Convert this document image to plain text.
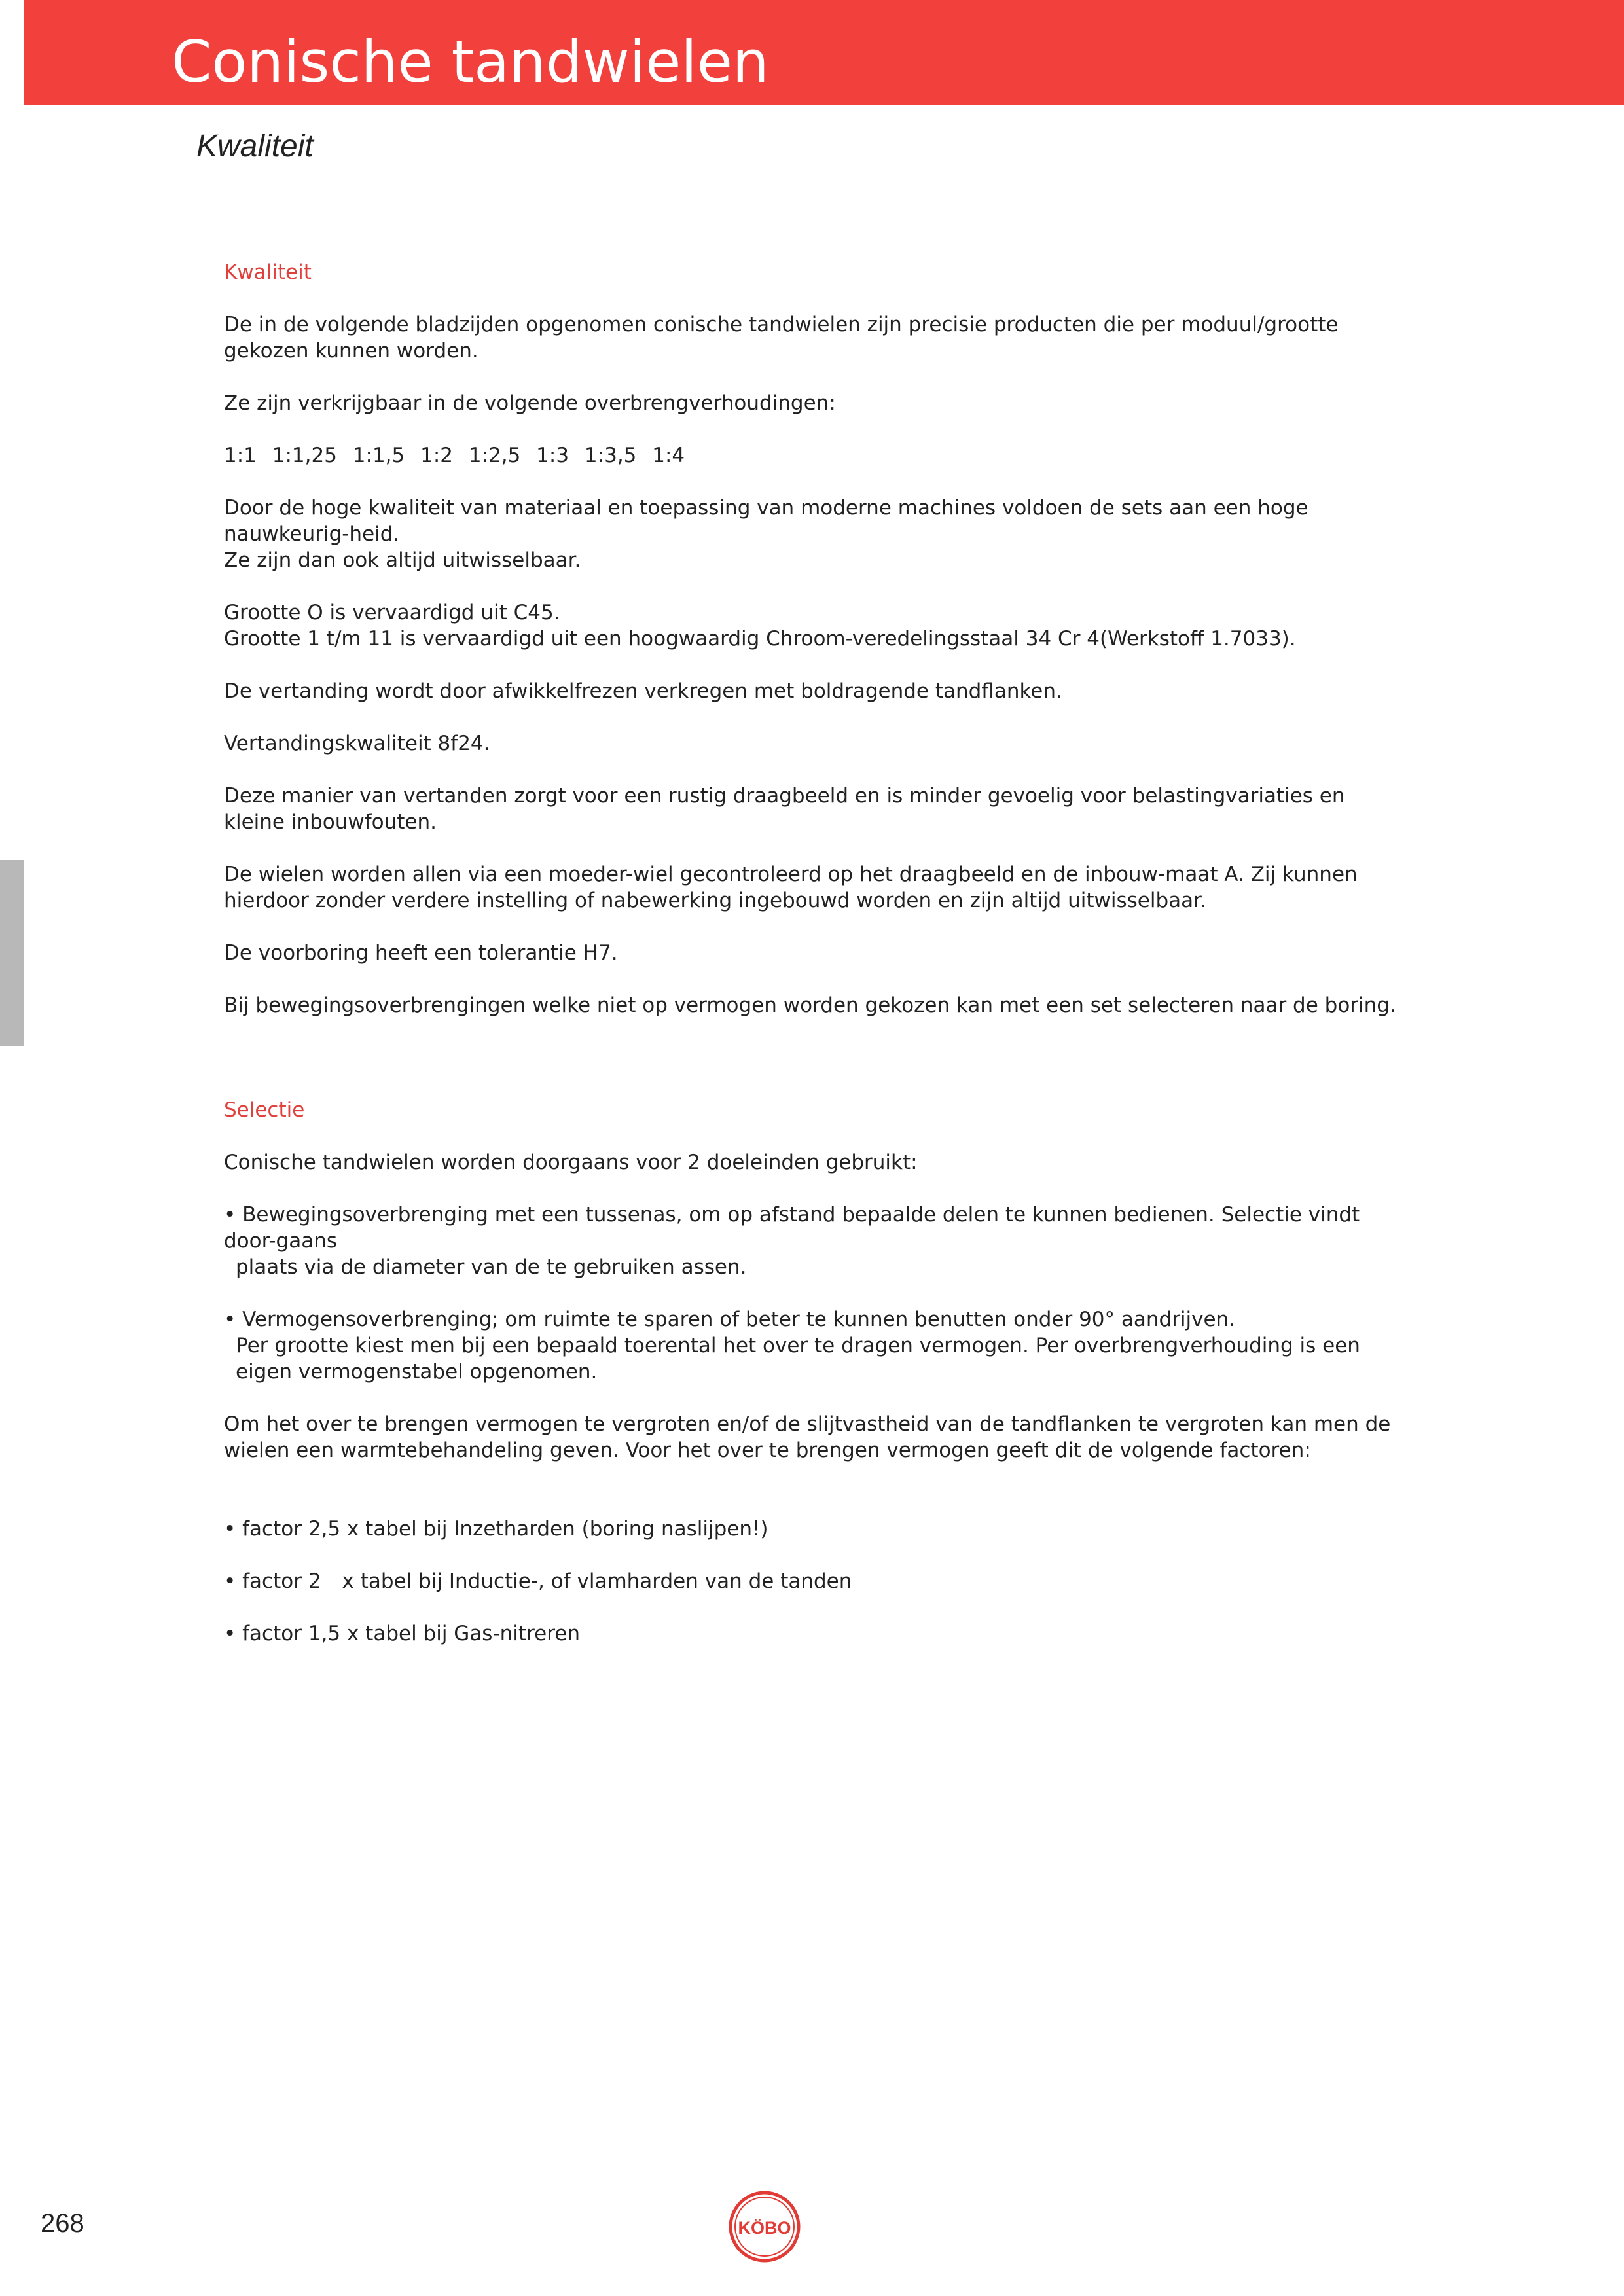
Conische tandwielen
Kwaliteit

Kwaliteit

De in de volgende bladzijden opgenomen conische tandwielen zijn precisie producten die per moduul/grootte gekozen kunnen worden.

Ze zijn verkrijgbaar in de volgende overbrengverhoudingen:

1:1 1:1,25 1:1,5 1:2 1:2,5 1:3 1:3,5 1:4

Door de hoge kwaliteit van materiaal en toepassing van moderne machines voldoen de sets aan een hoge nauwkeurig-heid.
Ze zijn dan ook altijd uitwisselbaar.

Grootte O is vervaardigd uit C45.
Grootte 1 t/m 11 is vervaardigd uit een hoogwaardig Chroom-veredelingsstaal 34 Cr 4(Werkstoff 1.7033).

De vertanding wordt door afwikkelfrezen verkregen met boldragende tandflanken.

Vertandingskwaliteit 8f24.

Deze manier van vertanden zorgt voor een rustig draagbeeld en is minder gevoelig voor belastingvariaties en kleine inbouwfouten.

De wielen worden allen via een moeder-wiel gecontroleerd op het draagbeeld en de inbouw-maat A. Zij kunnen hierdoor zonder verdere instelling of nabewerking ingebouwd worden en zijn altijd uitwisselbaar.

De voorboring heeft een tolerantie H7.

Bij bewegingsoverbrengingen welke niet op vermogen worden gekozen kan met een set selecteren naar de boring.

Selectie

Conische tandwielen worden doorgaans voor 2 doeleinden gebruikt:

• Bewegingsoverbrenging met een tussenas, om op afstand bepaalde delen te kunnen bedienen. Selectie vindt door-gaans
plaats via de diameter van de te gebruiken assen.

• Vermogensoverbrenging; om ruimte te sparen of beter te kunnen benutten onder 90° aandrijven.
Per grootte kiest men bij een bepaald toerental het over te dragen vermogen. Per overbrengverhouding is een eigen vermogenstabel opgenomen.

Om het over te brengen vermogen te vergroten en/of de slijtvastheid van de tandflanken te vergroten kan men de wielen een warmtebehandeling geven. Voor het over te brengen vermogen geeft dit de volgende factoren:

• factor 2,5 x tabel bij Inzetharden (boring naslijpen!)

• factor 2 x tabel bij Inductie-, of vlamharden van de tanden

• factor 1,5 x tabel bij Gas-nitreren

268	KÖBO
